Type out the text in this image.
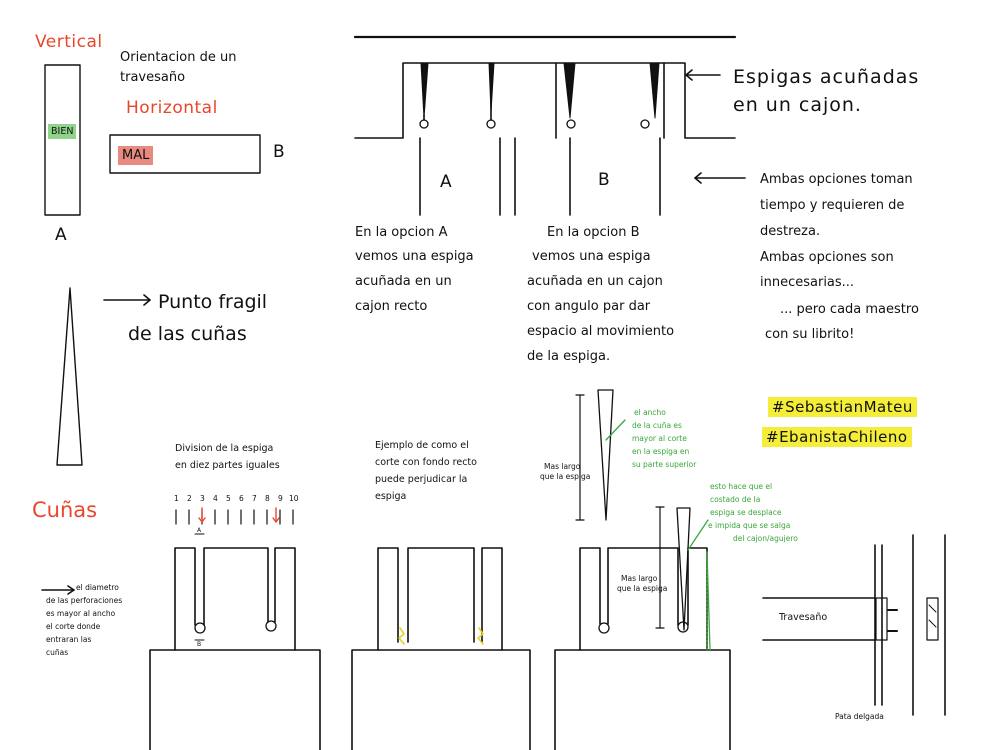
Vertical
Orientacion de un
travesaño
Horizontal
BIEN
MAL
A
B
A	B
Espigas acuñadas
en un cajon.
Ambas opciones toman
tiempo y requieren de
destreza.
Ambas opciones son
innecesarias...
... pero cada maestro
con su librito!
En la opcion A
vemos una espiga
acuñada en un
cajon recto
En la opcion B
vemos una espiga
acuñada en un cajon
con angulo par dar
espacio al movimiento
de la espiga.
Punto fragil
de las cuñas
Cuñas
Division de la espiga
en diez partes iguales
1 2 3 4 5 6 7 8 9 10
A
B
Ejemplo de como el
corte con fondo recto
puede perjudicar la
espiga
Mas largo
que la espiga
Mas largo
que la espiga
el ancho
de la cuña es
mayor al corte
en la espiga en
su parte superior
esto hace que el
costado de la
espiga se desplace
e impida que se salga
del cajon/agujero
el diametro
de las perforaciones
es mayor al ancho
el corte donde
entraran las
cuñas
Travesaño
Pata delgada
#SebastianMateu
#EbanistaChileno
